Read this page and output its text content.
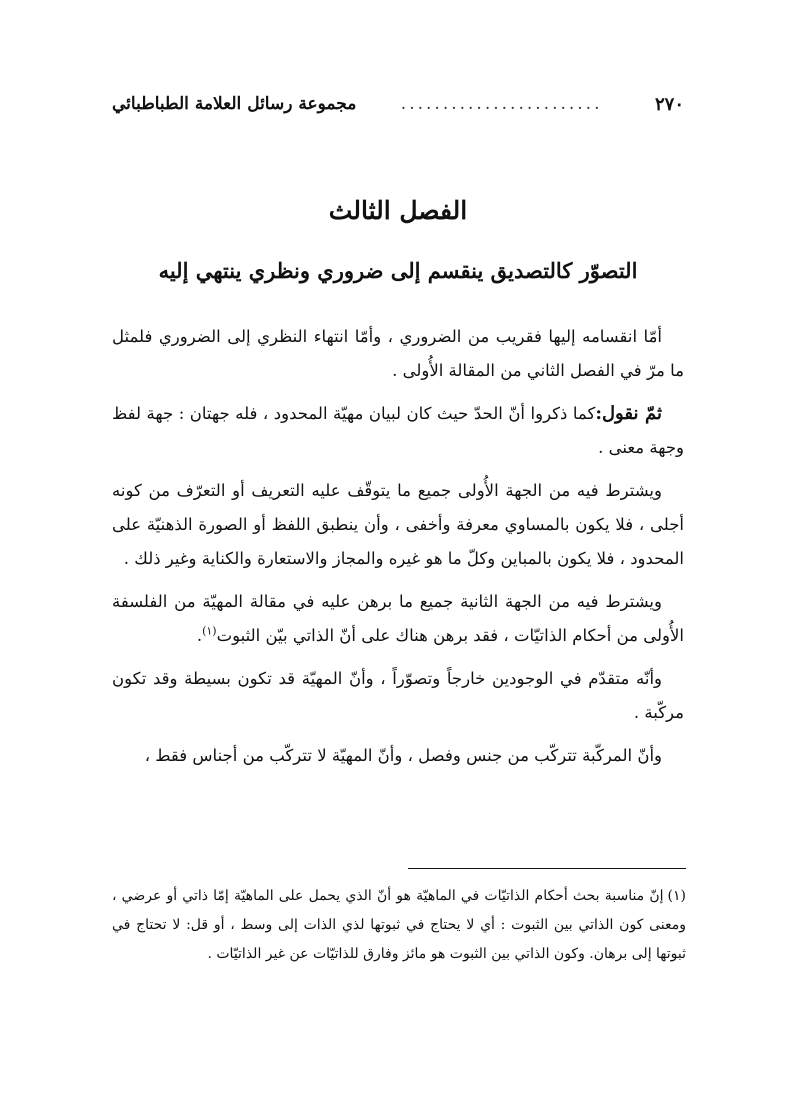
٢٧٠
........................
مجموعة رسائل العلامة الطباطبائي
الفصل الثالث
التصوّر كالتصديق ينقسم إلى ضروري ونظري ينتهي إليه

أمّا انقسامه إليها فقريب من الضروري ، وأمّا انتهاء النظري إلى الضروري فلمثل ما مرّ في الفصل الثاني من المقالة الأُولى .

ثمّ نقول:كما ذكروا أنّ الحدّ حيث كان لبيان مهيّة المحدود ، فله جهتان : جهة لفظ وجهة معنى .

ويشترط فيه من الجهة الأُولى جميع ما يتوقّف عليه التعريف أو التعرّف من كونه أجلى ، فلا يكون بالمساوي معرفة وأخفى ، وأن ينطبق اللفظ أو الصورة الذهنيّة على المحدود ، فلا يكون بالمباين وكلّ ما هو غيره والمجاز والاستعارة والكناية وغير ذلك .

ويشترط فيه من الجهة الثانية جميع ما برهن عليه في مقالة المهيّة من الفلسفة الأُولى من أحكام الذاتيّات ، فقد برهن هناك على أنّ الذاتي بيّن الثبوت$^{(١)}$.

وأنّه متقدّم في الوجودين خارجاً وتصوّراً ، وأنّ المهيّة قد تكون بسيطة وقد تكون مركّبة .

وأنّ المركّبة تتركّب من جنس وفصل ، وأنّ المهيّة لا تتركّب من أجناس فقط ،

(١)إنّ مناسبة بحث أحكام الذاتيّات في الماهيّة هو أنّ الذي يحمل على الماهيّة إمّا ذاتي أو عرضي ، ومعنى كون الذاتي بين الثبوت : أي لا يحتاج في ثبوتها لذي الذات إلى وسط ، أو قل: لا تحتاج في ثبوتها إلى برهان. وكون الذاتي بين الثبوت هو مائز وفارق للذاتيّات عن غير الذاتيّات .
